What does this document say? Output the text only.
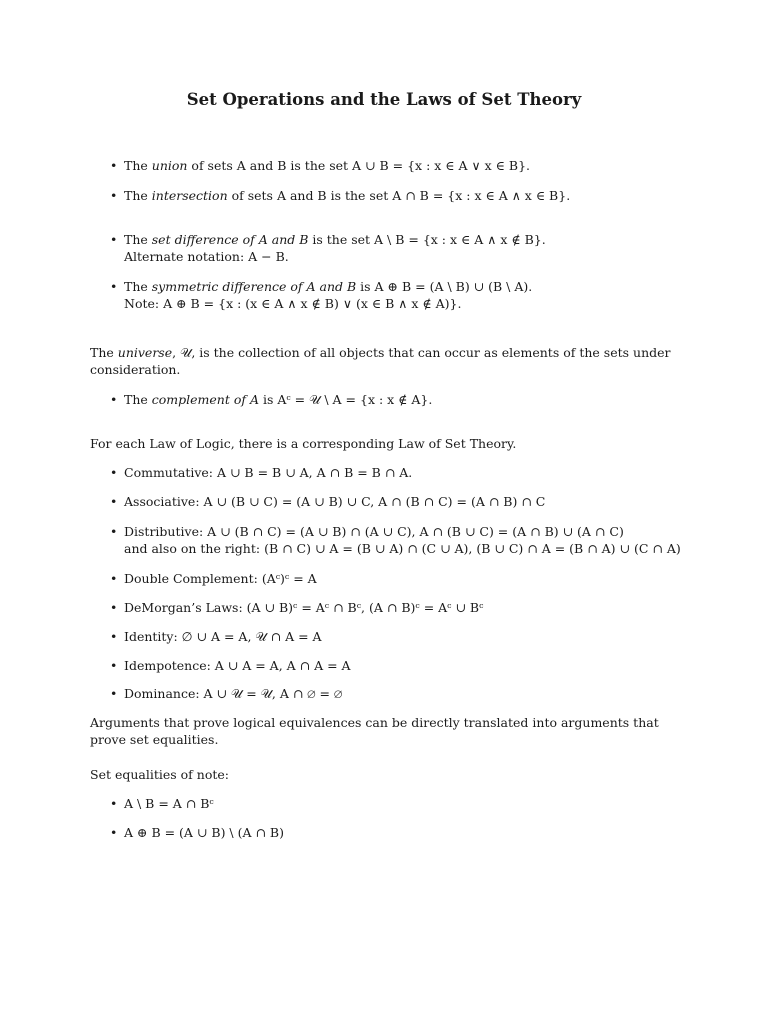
Set Operations and the Laws of Set Theory
• The union of sets A and B is the set A ∪ B = {x : x ∈ A ∨ x ∈ B}.
• The intersection of sets A and B is the set A ∩ B = {x : x ∈ A ∧ x ∈ B}.
• The set difference of A and B is the set A \ B = {x : x ∈ A ∧ x ∉ B}.
Alternate notation: A − B.
• The symmetric difference of A and B is A ⊕ B = (A \ B) ∪ (B \ A).
Note: A ⊕ B = {x : (x ∈ A ∧ x ∉ B) ∨ (x ∈ B ∧ x ∉ A)}.
The universe, 𝒰, is the collection of all objects that can occur as elements of the sets under consideration.
• The complement of A is Aᶜ = 𝒰 \ A = {x : x ∉ A}.
For each Law of Logic, there is a corresponding Law of Set Theory.
• Commutative: A ∪ B = B ∪ A, A ∩ B = B ∩ A.
• Associative: A ∪ (B ∪ C) = (A ∪ B) ∪ C, A ∩ (B ∩ C) = (A ∩ B) ∩ C
• Distributive: A ∪ (B ∩ C) = (A ∪ B) ∩ (A ∪ C), A ∩ (B ∪ C) = (A ∩ B) ∪ (A ∩ C)
and also on the right: (B ∩ C) ∪ A = (B ∪ A) ∩ (C ∪ A), (B ∪ C) ∩ A = (B ∩ A) ∪ (C ∩ A)
• Double Complement: (Aᶜ)ᶜ = A
• DeMorgan’s Laws: (A ∪ B)ᶜ = Aᶜ ∩ Bᶜ, (A ∩ B)ᶜ = Aᶜ ∪ Bᶜ
• Identity: ∅ ∪ A = A, 𝒰 ∩ A = A
• Idempotence: A ∪ A = A, A ∩ A = A
• Dominance: A ∪ 𝒰 = 𝒰, A ∩ ∅ = ∅
Arguments that prove logical equivalences can be directly translated into arguments that prove set equalities.
Set equalities of note:
• A \ B = A ∩ Bᶜ
• A ⊕ B = (A ∪ B) \ (A ∩ B)
